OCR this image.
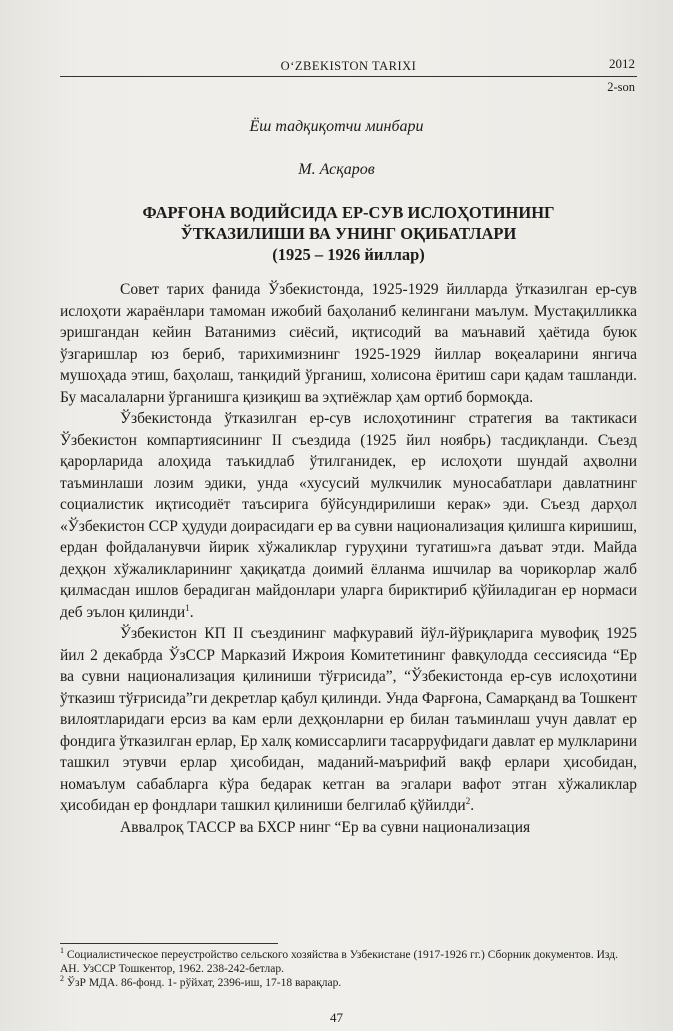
O‘ZBEKISTON TARIXI	2012
2-son
Ёш тадқиқотчи минбари
М. Асқаров
ФАРҒОНА ВОДИЙСИДА ЕР-СУВ ИСЛОҲОТИНИНГ
ЎТКАЗИЛИШИ ВА УНИНГ ОҚИБАТЛАРИ
(1925 – 1926 йиллар)

Совет тарих фанида Ўзбекистонда, 1925-1929 йилларда ўтказилган ер-сув ислоҳоти жараёнлари тамоман ижобий баҳоланиб келингани маълум. Мустақилликка эришгандан кейин Ватанимиз сиёсий, иқтисодий ва маънавий ҳаётида буюк ўзгаришлар юз бериб, тарихимизнинг 1925-1929 йиллар воқеаларини янгича мушоҳада этиш, баҳолаш, танқидий ўрганиш, холисона ёритиш сари қадам ташланди. Бу масалаларни ўрганишга қизиқиш ва эҳтиёжлар ҳам ортиб бормоқда.

Ўзбекистонда ўтказилган ер-сув ислоҳотининг стратегия ва тактикаси Ўзбекистон компартиясининг II съездида (1925 йил ноябрь) тасдиқланди. Съезд қарорларида алоҳида таъкидлаб ўтилганидек, ер ислоҳоти шундай аҳволни таъминлаши лозим эдики, унда «хусусий мулкчилик муносабатлари давлатнинг социалистик иқтисодиёт таъсирига бўйсундирилиши керак» эди. Съезд дарҳол «Ўзбекистон ССР ҳудуди доирасидаги ер ва сувни национализация қилишга киришиш, ердан фойдаланувчи йирик хўжаликлар гуруҳини тугатиш»га даъват этди. Майда деҳқон хўжаликларининг ҳақиқатда доимий ёлланма ишчилар ва чорикорлар жалб қилмасдан ишлов берадиган майдонлари уларга бириктириб қўйиладиган ер нормаси деб эълон қилинди$^1$.

Ўзбекистон КП II съездининг мафкуравий йўл-йўриқларига мувофиқ 1925 йил 2 декабрда ЎзССР Марказий Ижроия Комитетининг фавқулодда сессиясида “Ер ва сувни национализация қилиниши тўғрисида”, “Ўзбекистонда ер-сув ислоҳотини ўтказиш тўғрисида”ги декретлар қабул қилинди. Унда Фарғона, Самарқанд ва Тошкент вилоятларидаги ерсиз ва кам ерли деҳқонларни ер билан таъминлаш учун давлат ер фондига ўтказилган ерлар, Ер халқ комиссарлиги тасарруфидаги давлат ер мулкларини ташкил этувчи ерлар ҳисобидан, маданий-маърифий вақф ерлари ҳисобидан, номаълум сабабларга кўра бедарак кетган ва эгалари вафот этган хўжаликлар ҳисобидан ер фондлари ташкил қилиниши белгилаб қўйилди$^2$.

Аввалроқ ТАССР ва БХСР нинг “Ер ва сувни национализация

$^1$ Социалистическое переустройство сельского хозяйства в Узбекистане (1917-1926 гг.) Сборник документов. Изд. АН. УзССР Тошкентор, 1962. 238-242-бетлар.

$^2$ ЎзР МДА. 86-фонд. 1- рўйхат, 2396-иш, 17-18 варақлар.

47
